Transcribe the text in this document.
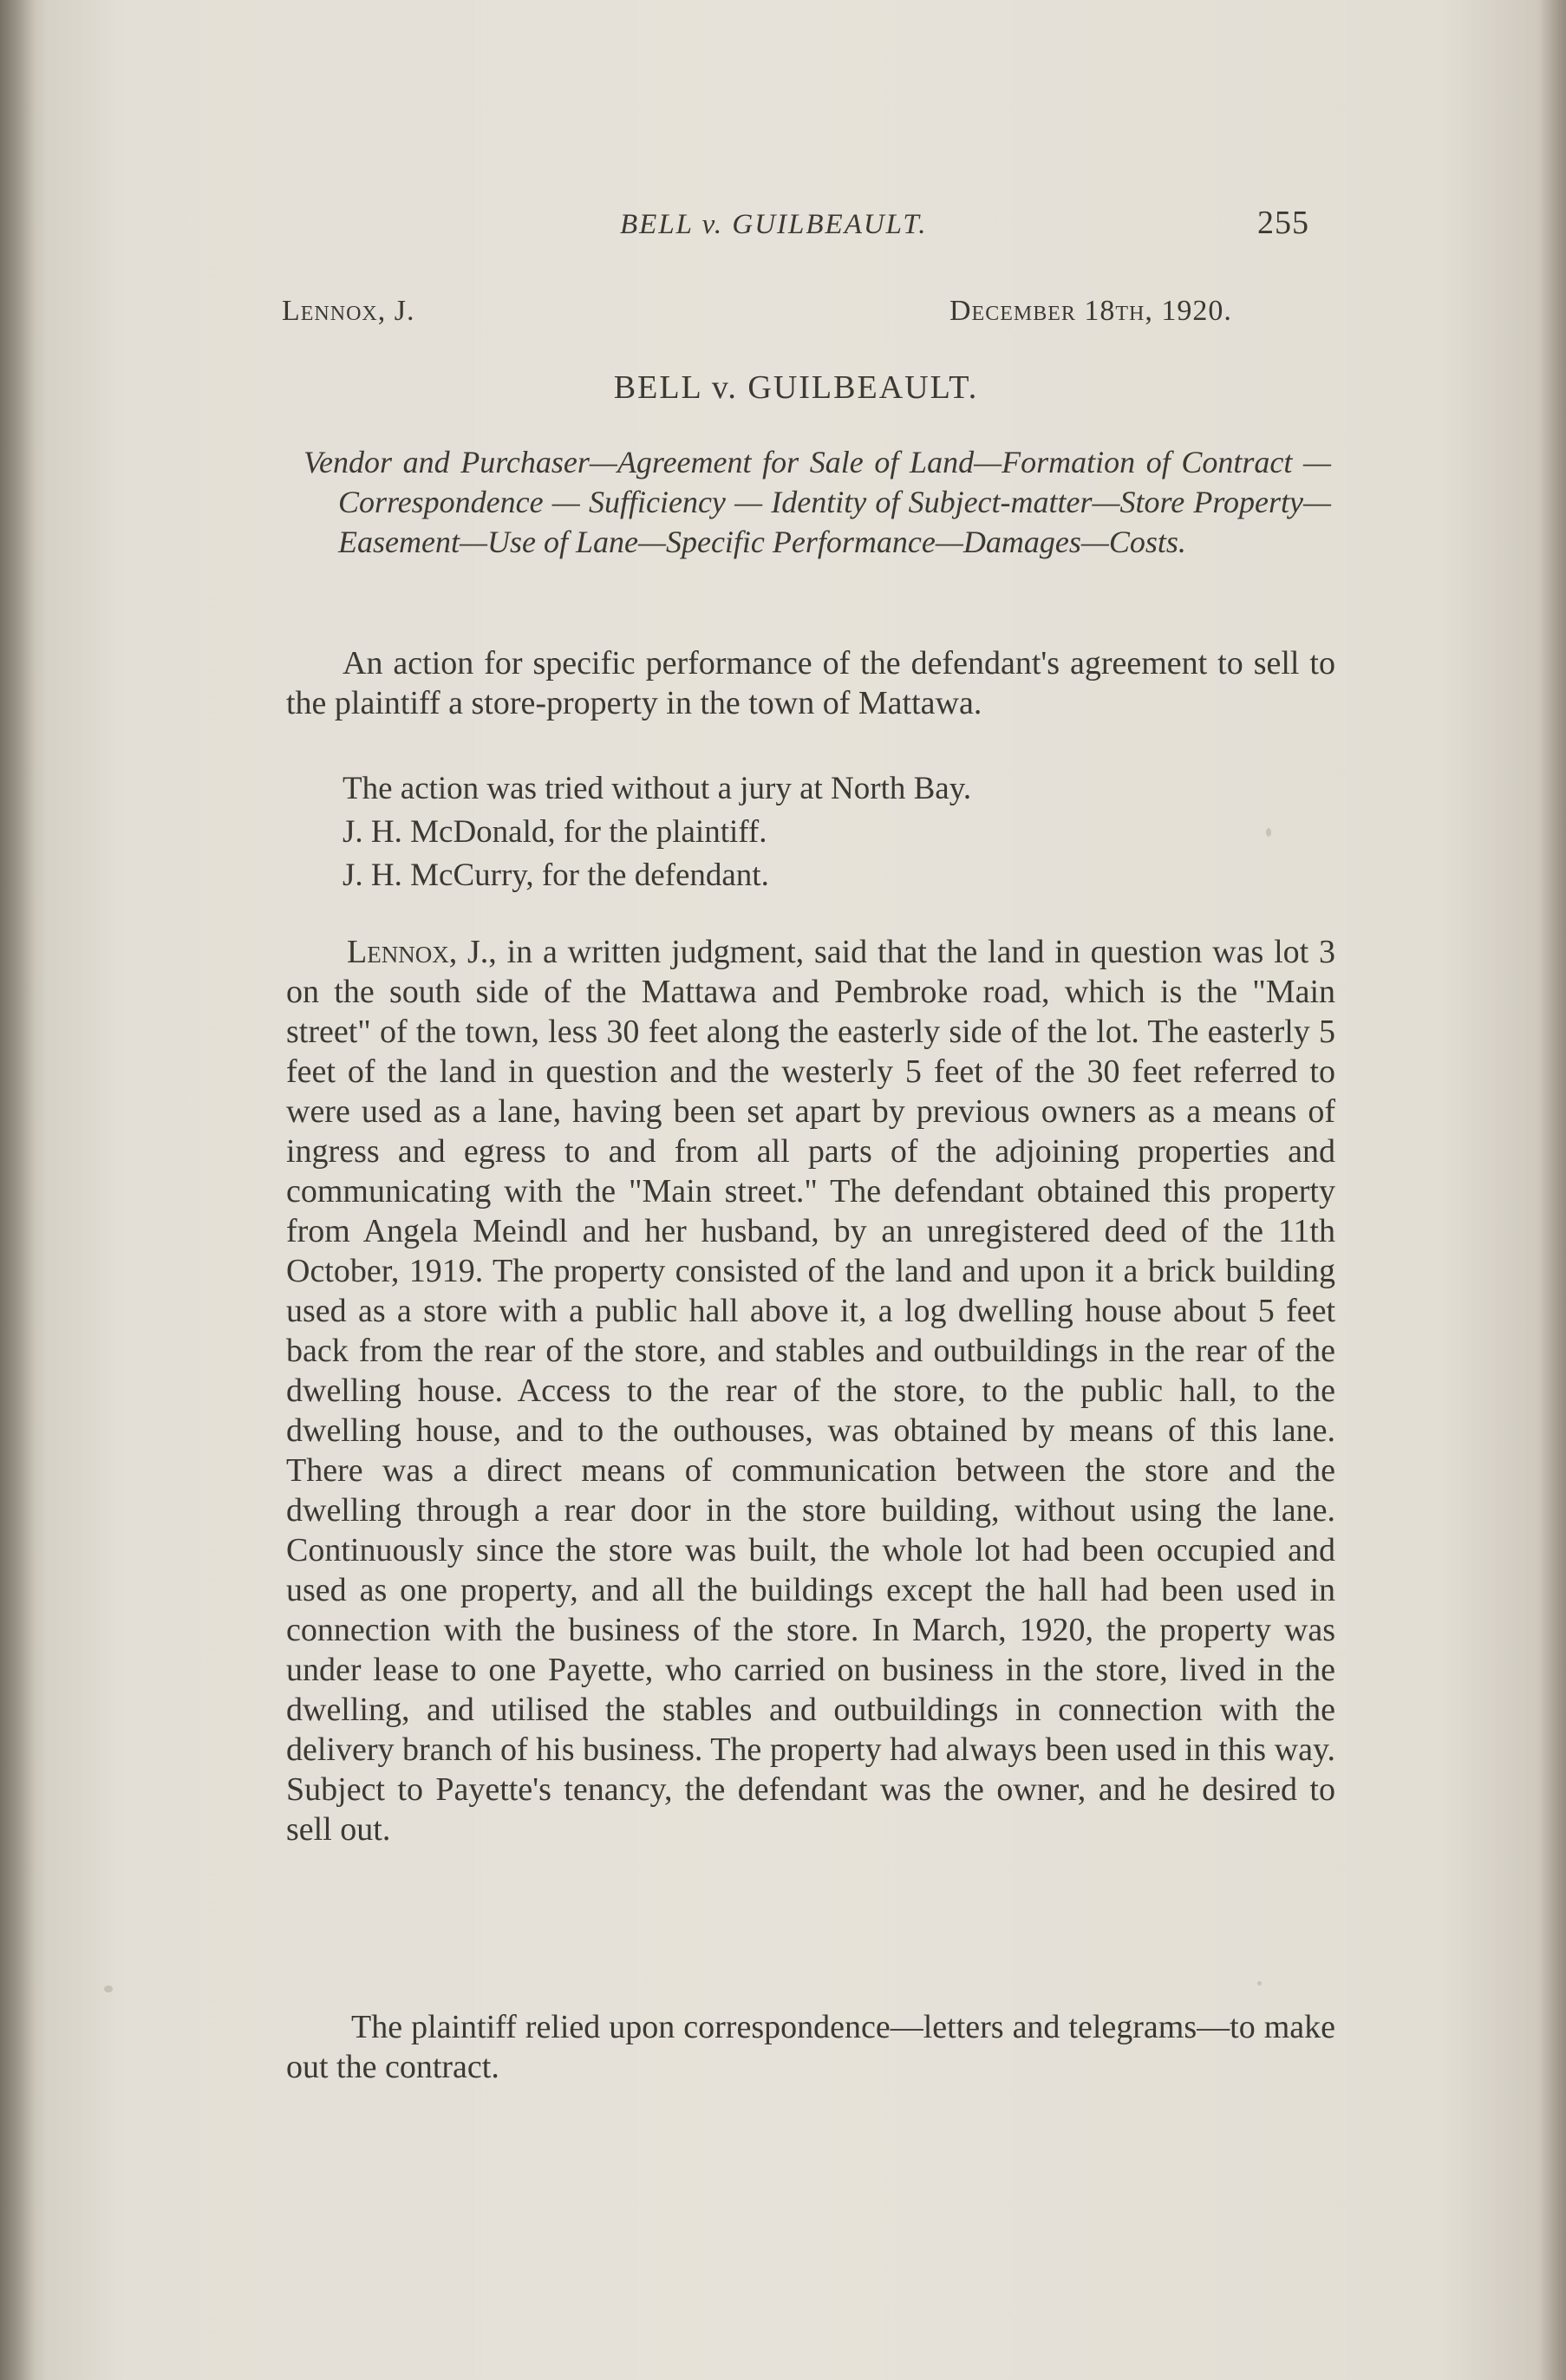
BELL v. GUILBEAULT.	255
Lennox, J.	December 18th, 1920.
BELL v. GUILBEAULT.
Vendor and Purchaser—Agreement for Sale of Land—Formation of Contract — Correspondence — Sufficiency — Identity of Subject-matter—Store Property—Easement—Use of Lane—Specific Performance—Damages—Costs.
An action for specific performance of the defendant's agreement to sell to the plaintiff a store-property in the town of Mattawa.
The action was tried without a jury at North Bay.
J. H. McDonald, for the plaintiff.
J. H. McCurry, for the defendant.
Lennox, J., in a written judgment, said that the land in question was lot 3 on the south side of the Mattawa and Pembroke road, which is the "Main street" of the town, less 30 feet along the easterly side of the lot. The easterly 5 feet of the land in question and the westerly 5 feet of the 30 feet referred to were used as a lane, having been set apart by previous owners as a means of ingress and egress to and from all parts of the adjoining properties and communicating with the "Main street." The defendant obtained this property from Angela Meindl and her husband, by an unregistered deed of the 11th October, 1919. The property consisted of the land and upon it a brick building used as a store with a public hall above it, a log dwelling house about 5 feet back from the rear of the store, and stables and outbuildings in the rear of the dwelling house. Access to the rear of the store, to the public hall, to the dwelling house, and to the outhouses, was obtained by means of this lane. There was a direct means of communication between the store and the dwelling through a rear door in the store building, without using the lane. Continuously since the store was built, the whole lot had been occupied and used as one property, and all the buildings except the hall had been used in connection with the business of the store. In March, 1920, the property was under lease to one Payette, who carried on business in the store, lived in the dwelling, and utilised the stables and outbuildings in connection with the delivery branch of his business. The property had always been used in this way. Subject to Payette's tenancy, the defendant was the owner, and he desired to sell out.
The plaintiff relied upon correspondence—letters and telegrams—to make out the contract.
